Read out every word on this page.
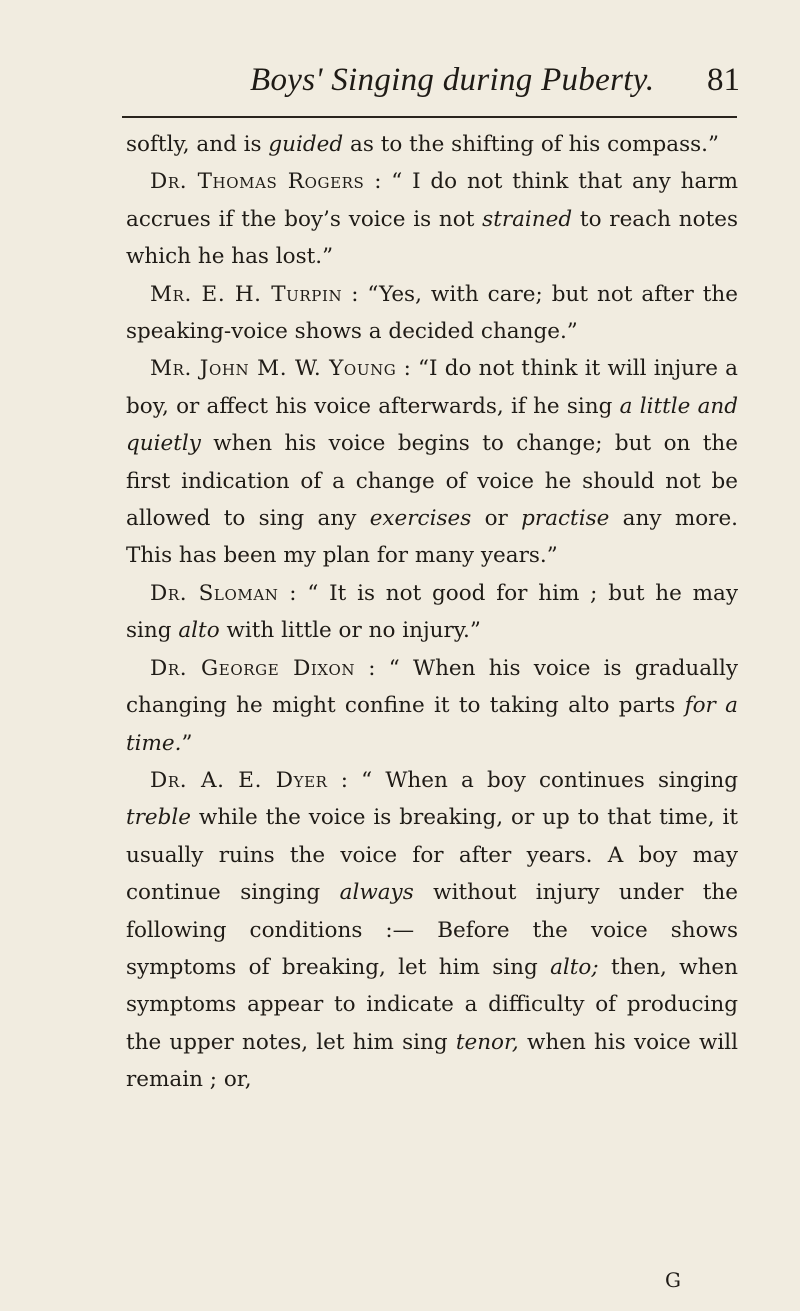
Boys' Singing during Puberty. 81

softly, and is guided as to the shifting of his compass.”

Dr. Thomas Rogers : “ I do not think that any harm accrues if the boy’s voice is not strained to reach notes which he has lost.”

Mr. E. H. Turpin : “Yes, with care; but not after the speaking-voice shows a decided change.”

Mr. John M. W. Young : “I do not think it will injure a boy, or affect his voice afterwards, if he sing a little and quietly when his voice begins to change; but on the first indication of a change of voice he should not be allowed to sing any exercises or practise any more. This has been my plan for many years.”

Dr. Sloman : “ It is not good for him ; but he may sing alto with little or no injury.”

Dr. George Dixon : “ When his voice is gradually changing he might confine it to taking alto parts for a time.”

Dr. A. E. Dyer : “ When a boy continues singing treble while the voice is breaking, or up to that time, it usually ruins the voice for after years. A boy may continue singing always without injury under the following conditions :— Before the voice shows symptoms of breaking, let him sing alto; then, when symptoms appear to indicate a difficulty of producing the upper notes, let him sing tenor, when his voice will remain ; or,

G
